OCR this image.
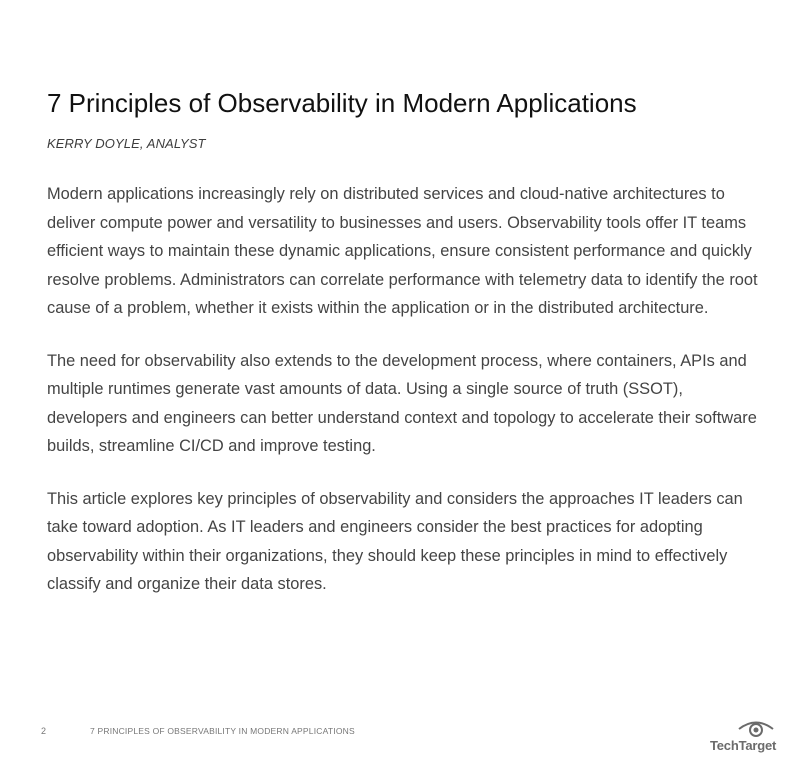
7 Principles of Observability in Modern Applications

KERRY DOYLE, ANALYST

Modern applications increasingly rely on distributed services and cloud-native architectures to deliver compute power and versatility to businesses and users. Observability tools offer IT teams efficient ways to maintain these dynamic applications, ensure consistent performance and quickly resolve problems. Administrators can correlate performance with telemetry data to identify the root cause of a problem, whether it exists within the application or in the distributed architecture.

The need for observability also extends to the development process, where containers, APIs and multiple runtimes generate vast amounts of data. Using a single source of truth (SSOT), developers and engineers can better understand context and topology to accelerate their software builds, streamline CI/CD and improve testing.

This article explores key principles of observability and considers the approaches IT leaders can take toward adoption. As IT leaders and engineers consider the best practices for adopting observability within their organizations, they should keep these principles in mind to effectively classify and organize their data stores.

2	7 PRINCIPLES OF OBSERVABILITY IN MODERN APPLICATIONS
TechTarget
